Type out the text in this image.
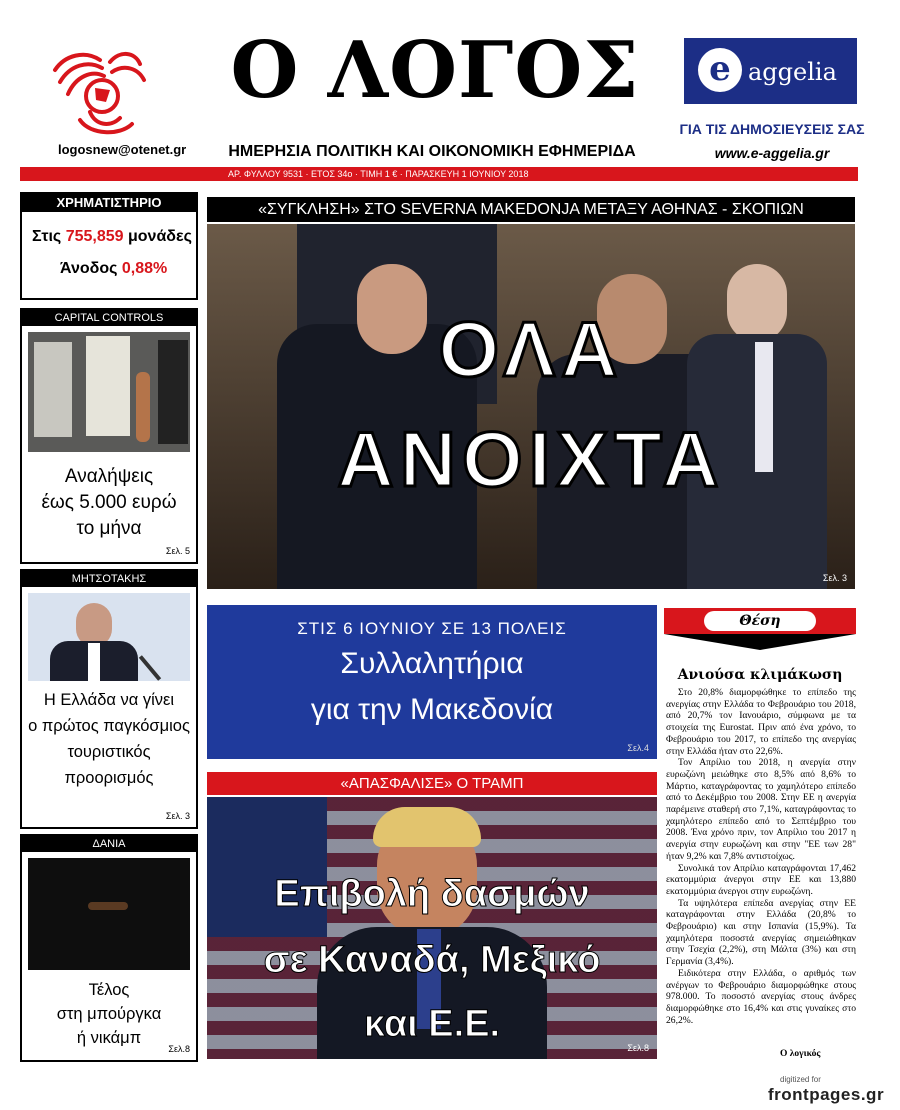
logosnew@otenet.gr
Ο ΛΟΓΟΣ
ΗΜΕΡΗΣΙΑ ΠΟΛΙΤΙΚΗ ΚΑΙ ΟΙΚΟΝΟΜΙΚΗ ΕΦΗΜΕΡΙΔΑ
e aggelia
ΓΙΑ ΤΙΣ ΔΗΜΟΣΙΕΥΣΕΙΣ ΣΑΣ
www.e-aggelia.gr
ΑΡ. ΦΥΛΛΟΥ 9531 · ΕΤΟΣ 34ο · ΤΙΜΗ 1 € · ΠΑΡΑΣΚΕΥΗ 1 ΙΟΥΝΙΟΥ 2018
ΧΡΗΜΑΤΙΣΤΗΡΙΟ
Στις 755,859 μονάδες
Άνοδος 0,88%
CAPITAL CONTROLS
Αναλήψεις
έως 5.000 ευρώ
το μήνα
Σελ. 5
ΜΗΤΣΟΤΑΚΗΣ
Η Ελλάδα να γίνει
ο πρώτος παγκόσμιος
τουριστικός
προορισμός
Σελ. 3
ΔΑΝΙΑ
Τέλος
στη μπούργκα
ή νικάμπ
Σελ.8
«ΣΥΓΚΛΗΣΗ» ΣΤΟ SEVERNA MAKEDONJA ΜΕΤΑΞΥ ΑΘΗΝΑΣ - ΣΚΟΠΙΩΝ
ΟΛΑ
ΑΝΟΙΧΤΑ
Σελ. 3
ΣΤΙΣ 6 ΙΟΥΝΙΟΥ ΣΕ 13 ΠΟΛΕΙΣ
Συλλαλητήρια
για την Μακεδονία
Σελ.4
«ΑΠΑΣΦΑΛΙΣΕ» Ο ΤΡΑΜΠ
Επιβολή δασμών
σε Καναδά, Μεξικό
και Ε.Ε.
Σελ.8
Θέση
Ανιούσα κλιμάκωση

Στο 20,8% διαμορφώθηκε το επίπεδο της ανεργίας στην Ελλάδα το Φεβρουάριο του 2018, από 20,7% τον Ιανουάριο, σύμφωνα με τα στοιχεία της Eurostat. Πριν από ένα χρόνο, το Φεβρουάριο του 2017, το επίπεδο της ανεργίας στην Ελλάδα ήταν στο 22,6%.

Τον Απρίλιο του 2018, η ανεργία στην ευρωζώνη μειώθηκε στο 8,5% από 8,6% το Μάρτιο, καταγράφοντας το χαμηλότερο επίπεδο από το Δεκέμβριο του 2008. Στην ΕΕ η ανεργία παρέμεινε σταθερή στο 7,1%, καταγράφοντας το χαμηλότερο επίπεδο από το Σεπτέμβριο του 2008. Ένα χρόνο πριν, τον Απρίλιο του 2017 η ανεργία στην ευρωζώνη και στην "ΕΕ των 28" ήταν 9,2% και 7,8% αντιστοίχως.

Συνολικά τον Απρίλιο καταγράφονται 17,462 εκατομμύρια άνεργοι στην ΕΕ και 13,880 εκατομμύρια άνεργοι στην ευρωζώνη.

Τα υψηλότερα επίπεδα ανεργίας στην ΕΕ καταγράφονται στην Ελλάδα (20,8% το Φεβρουάριο) και στην Ισπανία (15,9%). Τα χαμηλότερα ποσοστά ανεργίας σημειώθηκαν στην Τσεχία (2,2%), στη Μάλτα (3%) και στη Γερμανία (3,4%).

Ειδικότερα στην Ελλάδα, ο αριθμός των ανέργων το Φεβρουάριο διαμορφώθηκε στους 978.000. Το ποσοστό ανεργίας στους άνδρες διαμορφώθηκε στο 16,4% και στις γυναίκες στο 26,2%.

Ο λογικός
digitized for
frontpages.gr
